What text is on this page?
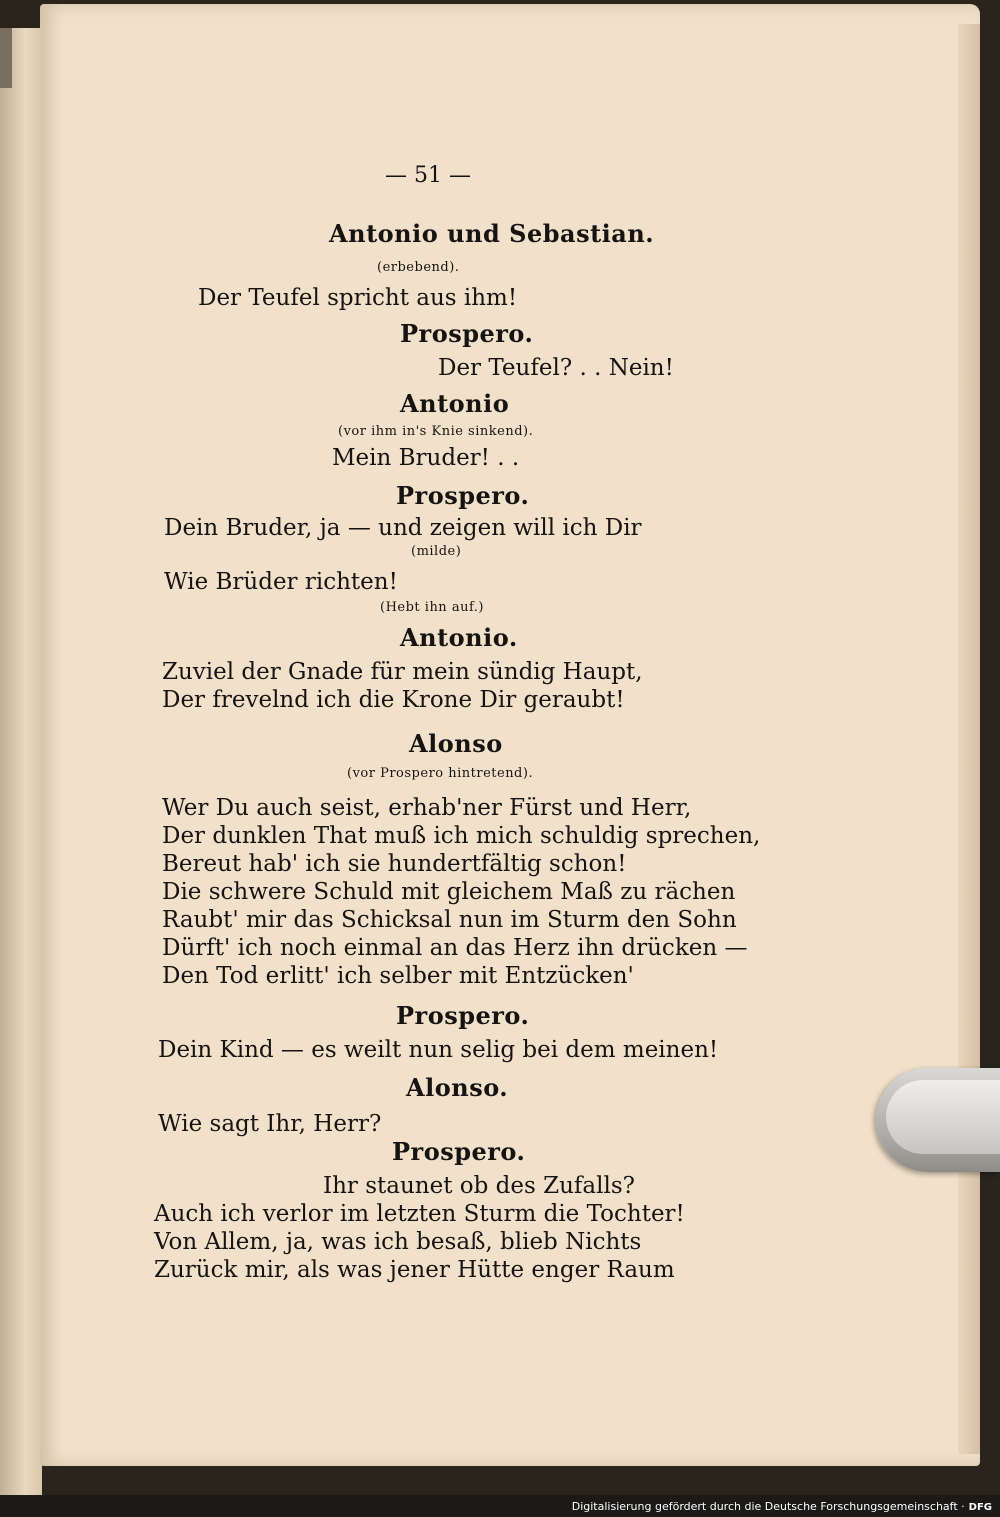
— 51 —
Antonio und Sebastian.
(erbebend).
Der Teufel spricht aus ihm!
Prospero.
Der Teufel? . . Nein!
Antonio
(vor ihm in's Knie sinkend).
Mein Bruder! . .
Prospero.
Dein Bruder, ja — und zeigen will ich Dir
(milde)
Wie Brüder richten!
(Hebt ihn auf.)
Antonio.
Zuviel der Gnade für mein sündig Haupt,
Der frevelnd ich die Krone Dir geraubt!
Alonso
(vor Prospero hintretend).
Wer Du auch seist, erhab'ner Fürst und Herr,
Der dunklen That muß ich mich schuldig sprechen,
Bereut hab' ich sie hundertfältig schon!
Die schwere Schuld mit gleichem Maß zu rächen
Raubt' mir das Schicksal nun im Sturm den Sohn
Dürft' ich noch einmal an das Herz ihn drücken —
Den Tod erlitt' ich selber mit Entzücken'
Prospero.
Dein Kind — es weilt nun selig bei dem meinen!
Alonso.
Wie sagt Ihr, Herr?
Prospero.
Ihr staunet ob des Zufalls?
Auch ich verlor im letzten Sturm die Tochter!
Von Allem, ja, was ich besaß, blieb Nichts
Zurück mir, als was jener Hütte enger Raum
Digitalisierung gefördert durch die Deutsche Forschungsgemeinschaft · DFG
